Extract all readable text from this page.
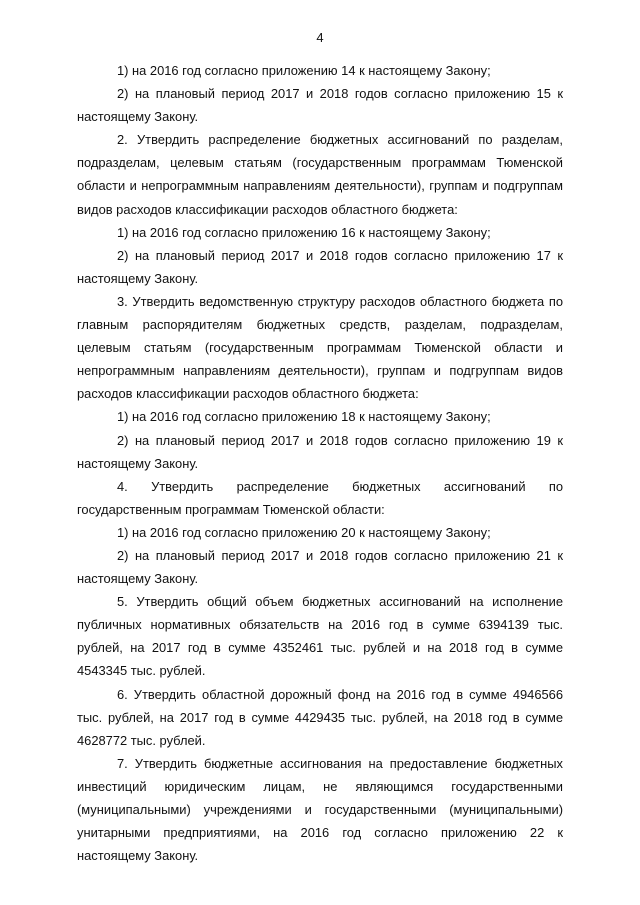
4

1) на 2016 год согласно приложению 14 к настоящему Закону;

2) на плановый период 2017 и 2018 годов согласно приложению 15 к настоящему Закону.

2. Утвердить распределение бюджетных ассигнований по разделам, подразделам, целевым статьям (государственным программам Тюменской области и непрограммным направлениям деятельности), группам и подгруппам видов расходов классификации расходов областного бюджета:

1) на 2016 год согласно приложению 16 к настоящему Закону;

2) на плановый период 2017 и 2018 годов согласно приложению 17 к настоящему Закону.

3. Утвердить ведомственную структуру расходов областного бюджета по главным распорядителям бюджетных средств, разделам, подразделам, целевым статьям (государственным программам Тюменской области и непрограммным направлениям деятельности), группам и подгруппам видов расходов классификации расходов областного бюджета:

1) на 2016 год согласно приложению 18 к настоящему Закону;

2) на плановый период 2017 и 2018 годов согласно приложению 19 к настоящему Закону.

4. Утвердить распределение бюджетных ассигнований по государственным программам Тюменской области:

1) на 2016 год согласно приложению 20 к настоящему Закону;

2) на плановый период 2017 и 2018 годов согласно приложению 21 к настоящему Закону.

5. Утвердить общий объем бюджетных ассигнований на исполнение публичных нормативных обязательств на 2016 год в сумме 6394139 тыс. рублей, на 2017 год в сумме 4352461 тыс. рублей и на 2018 год в сумме 4543345 тыс. рублей.

6. Утвердить областной дорожный фонд на 2016 год в сумме 4946566 тыс. рублей, на 2017 год в сумме 4429435 тыс. рублей, на 2018 год в сумме 4628772 тыс. рублей.

7. Утвердить бюджетные ассигнования на предоставление бюджетных инвестиций юридическим лицам, не являющимся государственными (муниципальными) учреждениями и государственными (муниципальными) унитарными предприятиями, на 2016 год согласно приложению 22 к настоящему Закону.
